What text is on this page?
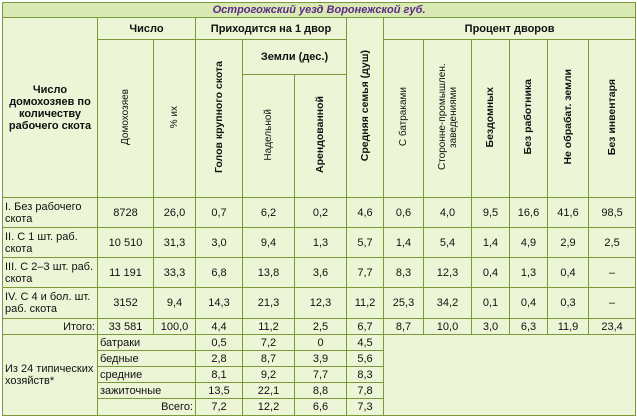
Острогожский уезд Воронежской губ.												
Число домохозяев по количеству рабочего скота	Число		Приходится на 1 двор			Средняя семья (душ)	Процент дворов					
	Домохозяев	% их	Голов крупного скота	Земли (дес.)			С батраками	Сторонне-промышлен. заведениями	Бездомных	Без работника	Не обрабат. земли	Без инвентаря
				Надельной	Арендованной							
I. Без рабочего скота	8728	26,0	0,7	6,2	0,2	4,6	0,6	4,0	9,5	16,6	41,6	98,5
II. С 1 шт. раб. скота	10 510	31,3	3,0	9,4	1,3	5,7	1,4	5,4	1,4	4,9	2,9	2,5
III. С 2–3 шт. раб. скота	11 191	33,3	6,8	13,8	3,6	7,7	8,3	12,3	0,4	1,3	0,4	–
IV. С 4 и бол. шт. раб. скота	3152	9,4	14,3	21,3	12,3	11,2	25,3	34,2	0,1	0,4	0,3	–
Итого:	33 581	100,0	4,4	11,2	2,5	6,7	8,7	10,0	3,0	6,3	11,9	23,4
Из 24 типических хозяйств*	батраки		0,5	7,2	0	4,5						
	бедные		2,8	8,7	3,9	5,6						
	средние		8,1	9,2	7,7	8,3						
	зажиточные		13,5	22,1	8,8	7,8						
	Всего:		7,2	12,2	6,6	7,3						
